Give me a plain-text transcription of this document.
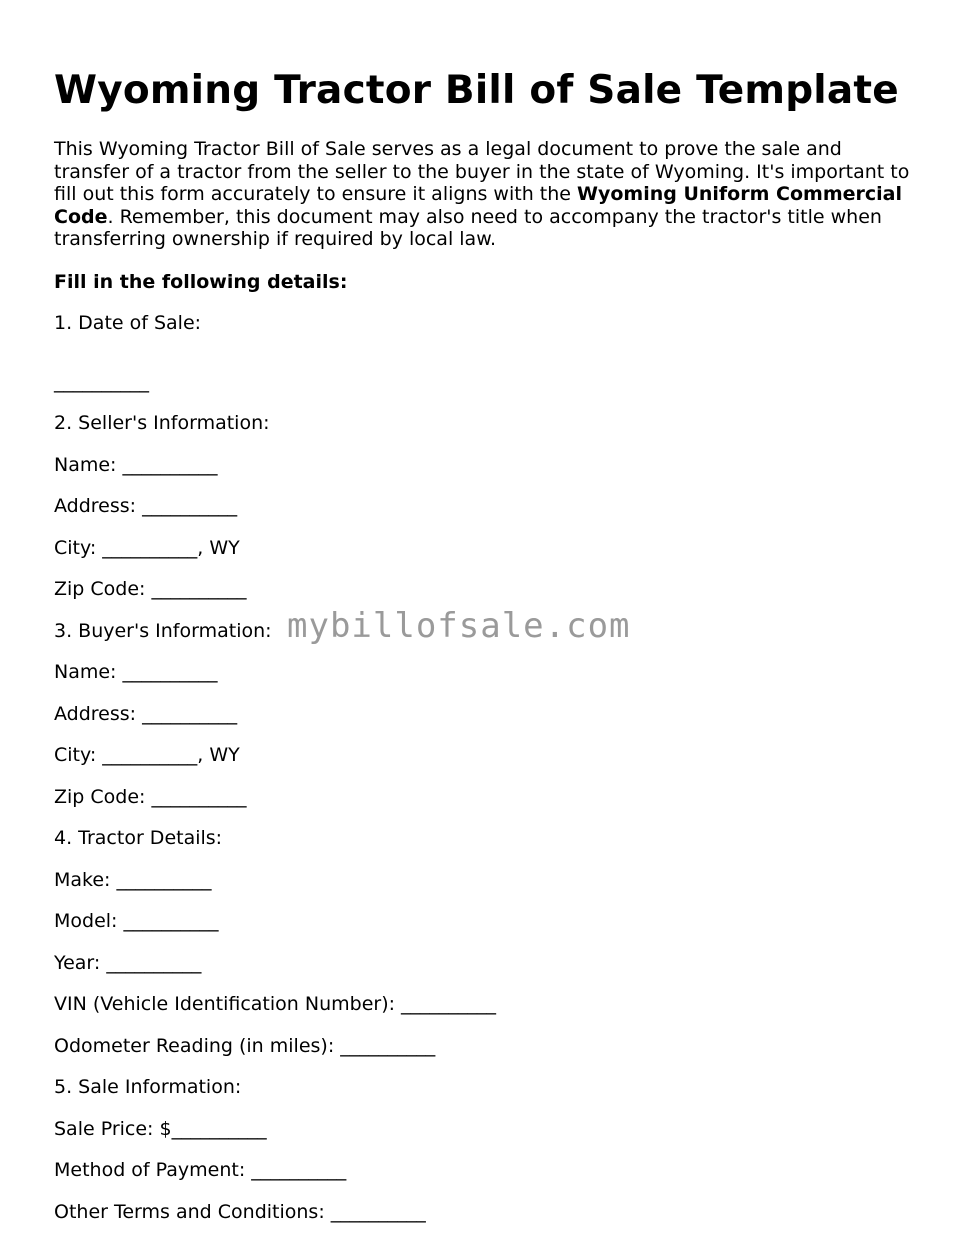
Wyoming Tractor Bill of Sale Template

This Wyoming Tractor Bill of Sale serves as a legal document to prove the sale and transfer of a tractor from the seller to the buyer in the state of Wyoming. It's important to fill out this form accurately to ensure it aligns with the Wyoming Uniform Commercial Code. Remember, this document may also need to accompany the tractor's title when transferring ownership if required by local law.

Fill in the following details:

1. Date of Sale:

__________

2. Seller's Information:

Name: __________

Address: __________

City: __________, WY

Zip Code: __________

3. Buyer's Information:

Name: __________

Address: __________

City: __________, WY

Zip Code: __________

4. Tractor Details:

Make: __________

Model: __________

Year: __________

VIN (Vehicle Identification Number): __________

Odometer Reading (in miles): __________

5. Sale Information:

Sale Price: $__________

Method of Payment: __________

Other Terms and Conditions: __________

mybillofsale.com
